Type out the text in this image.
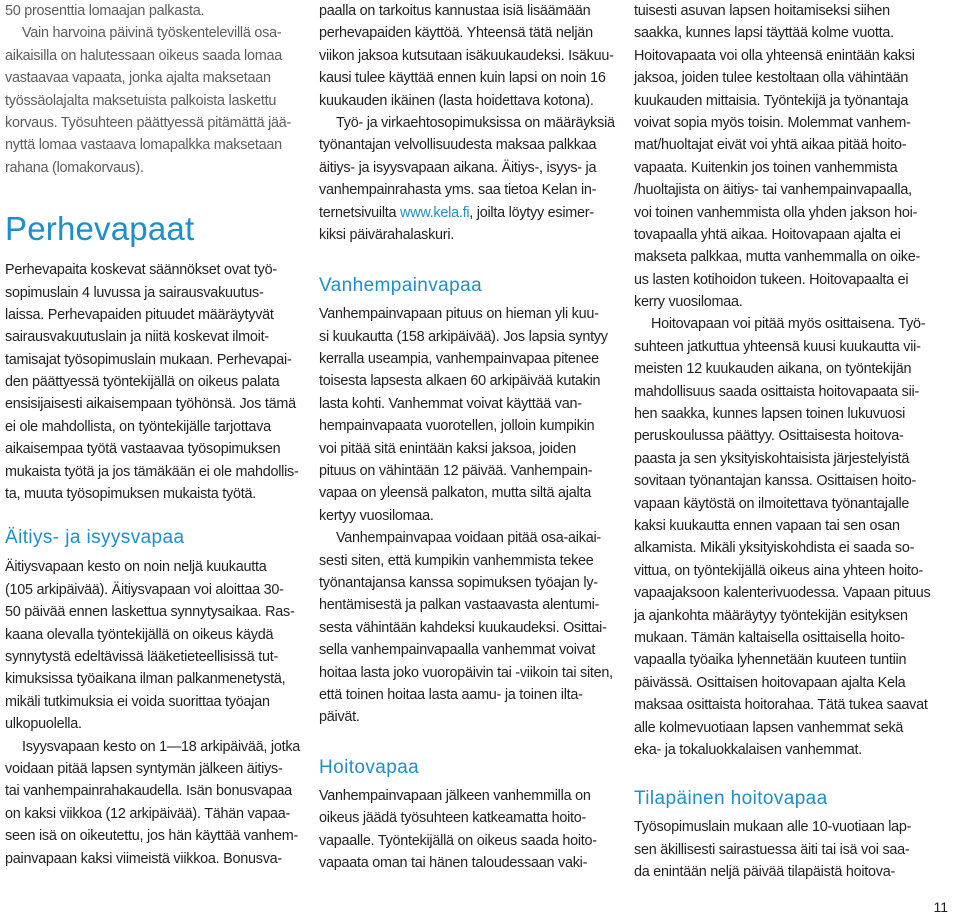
50 prosenttia lomaajan palkasta.
Vain harvoina päivinä työskentelevillä osa-
aikaisilla on halutessaan oikeus saada lomaa
vastaavaa vapaata, jonka ajalta maksetaan
työssäolajalta maksetuista palkoista laskettu
korvaus. Työsuhteen päättyessä pitämättä jää-
nyttä lomaa vastaava lomapalkka maksetaan
rahana (lomakorvaus).
Perhevapaat
Perhevapaita koskevat säännökset ovat työ-
sopimuslain 4 luvussa ja sairausvakuutus-
laissa. Perhevapaiden pituudet määräytyvät
sairausvakuutuslain ja niitä koskevat ilmoit-
tamisajat työsopimuslain mukaan. Perhevapai-
den päättyessä työntekijällä on oikeus palata
ensisijaisesti aikaisempaan työhönsä. Jos tämä
ei ole mahdollista, on työntekijälle tarjottava
aikaisempaa työtä vastaavaa työsopimuksen
mukaista työtä ja jos tämäkään ei ole mahdollis-
ta, muuta työsopimuksen mukaista työtä.
Äitiys- ja isyysvapaa
Äitiysvapaan kesto on noin neljä kuukautta
(105 arkipäivää). Äitiysvapaan voi aloittaa 30-
50 päivää ennen laskettua synnytysaikaa. Ras-
kaana olevalla työntekijällä on oikeus käydä
synnytystä edeltävissä lääketieteellisissä tut-
kimuksissa työaikana ilman palkanmenetystä,
mikäli tutkimuksia ei voida suorittaa työajan
ulkopuolella.
Isyysvapaan kesto on 1—18 arkipäivää, jotka
voidaan pitää lapsen syntymän jälkeen äitiys-
tai vanhempainrahakaudella. Isän bonusvapaa
on kaksi viikkoa (12 arkipäivää). Tähän vapaa-
seen isä on oikeutettu, jos hän käyttää vanhem-
painvapaan kaksi viimeistä viikkoa. Bonusva-
paalla on tarkoitus kannustaa isiä lisäämään
perhevapaiden käyttöä. Yhteensä tätä neljän
viikon jaksoa kutsutaan isäkuukaudeksi. Isäkuu-
kausi tulee käyttää ennen kuin lapsi on noin 16
kuukauden ikäinen (lasta hoidettava kotona).
Työ- ja virkaehtosopimuksissa on määräyksiä
työnantajan velvollisuudesta maksaa palkkaa
äitiys- ja isyysvapaan aikana. Äitiys-, isyys- ja
vanhempainrahasta yms. saa tietoa Kelan in-
ternetsivuilta www.kela.fi, joilta löytyy esimer-
kiksi päivärahalaskuri.
Vanhempainvapaa
Vanhempainvapaan pituus on hieman yli kuu-
si kuukautta (158 arkipäivää). Jos lapsia syntyy
kerralla useampia, vanhempainvapaa pitenee
toisesta lapsesta alkaen 60 arkipäivää kutakin
lasta kohti. Vanhemmat voivat käyttää van-
hempainvapaata vuorotellen, jolloin kumpikin
voi pitää sitä enintään kaksi jaksoa, joiden
pituus on vähintään 12 päivää. Vanhempain-
vapaa on yleensä palkaton, mutta siltä ajalta
kertyy vuosilomaa.
Vanhempainvapaa voidaan pitää osa-aikai-
sesti siten, että kumpikin vanhemmista tekee
työnantajansa kanssa sopimuksen työajan ly-
hentämisestä ja palkan vastaavasta alentumi-
sesta vähintään kahdeksi kuukaudeksi. Osittai-
sella vanhempainvapaalla vanhemmat voivat
hoitaa lasta joko vuoropäivin tai -viikoin tai siten,
että toinen hoitaa lasta aamu- ja toinen ilta-
päivät.
Hoitovapaa
Vanhempainvapaan jälkeen vanhemmilla on
oikeus jäädä työsuhteen katkeamatta hoito-
vapaalle. Työntekijällä on oikeus saada hoito-
vapaata oman tai hänen taloudessaan vaki-
tuisesti asuvan lapsen hoitamiseksi siihen
saakka, kunnes lapsi täyttää kolme vuotta.
Hoitovapaata voi olla yhteensä enintään kaksi
jaksoa, joiden tulee kestoltaan olla vähintään
kuukauden mittaisia. Työntekijä ja työnantaja
voivat sopia myös toisin. Molemmat vanhem-
mat/huoltajat eivät voi yhtä aikaa pitää hoito-
vapaata. Kuitenkin jos toinen vanhemmista
/huoltajista on äitiys- tai vanhempainvapaalla,
voi toinen vanhemmista olla yhden jakson hoi-
tovapaalla yhtä aikaa. Hoitovapaan ajalta ei
makseta palkkaa, mutta vanhemmalla on oike-
us lasten kotihoidon tukeen. Hoitovapaalta ei
kerry vuosilomaa.
Hoitovapaan voi pitää myös osittaisena. Työ-
suhteen jatkuttua yhteensä kuusi kuukautta vii-
meisten 12 kuukauden aikana, on työntekijän
mahdollisuus saada osittaista hoitovapaata sii-
hen saakka, kunnes lapsen toinen lukuvuosi
peruskoulussa päättyy. Osittaisesta hoitova-
paasta ja sen yksityiskohtaisista järjestelyistä
sovitaan työnantajan kanssa. Osittaisen hoito-
vapaan käytöstä on ilmoitettava työnantajalle
kaksi kuukautta ennen vapaan tai sen osan
alkamista. Mikäli yksityiskohdista ei saada so-
vittua, on työntekijällä oikeus aina yhteen hoito-
vapaajaksoon kalenterivuodessa. Vapaan pituus
ja ajankohta määräytyy työntekijän esityksen
mukaan. Tämän kaltaisella osittaisella hoito-
vapaalla työaika lyhennetään kuuteen tuntiin
päivässä. Osittaisen hoitovapaan ajalta Kela
maksaa osittaista hoitorahaa. Tätä tukea saavat
alle kolmevuotiaan lapsen vanhemmat sekä
eka- ja tokaluokkalaisen vanhemmat.
Tilapäinen hoitovapaa
Työsopimuslain mukaan alle 10-vuotiaan lap-
sen äkillisesti sairastuessa äiti tai isä voi saa-
da enintään neljä päivää tilapäistä hoitova-
11
